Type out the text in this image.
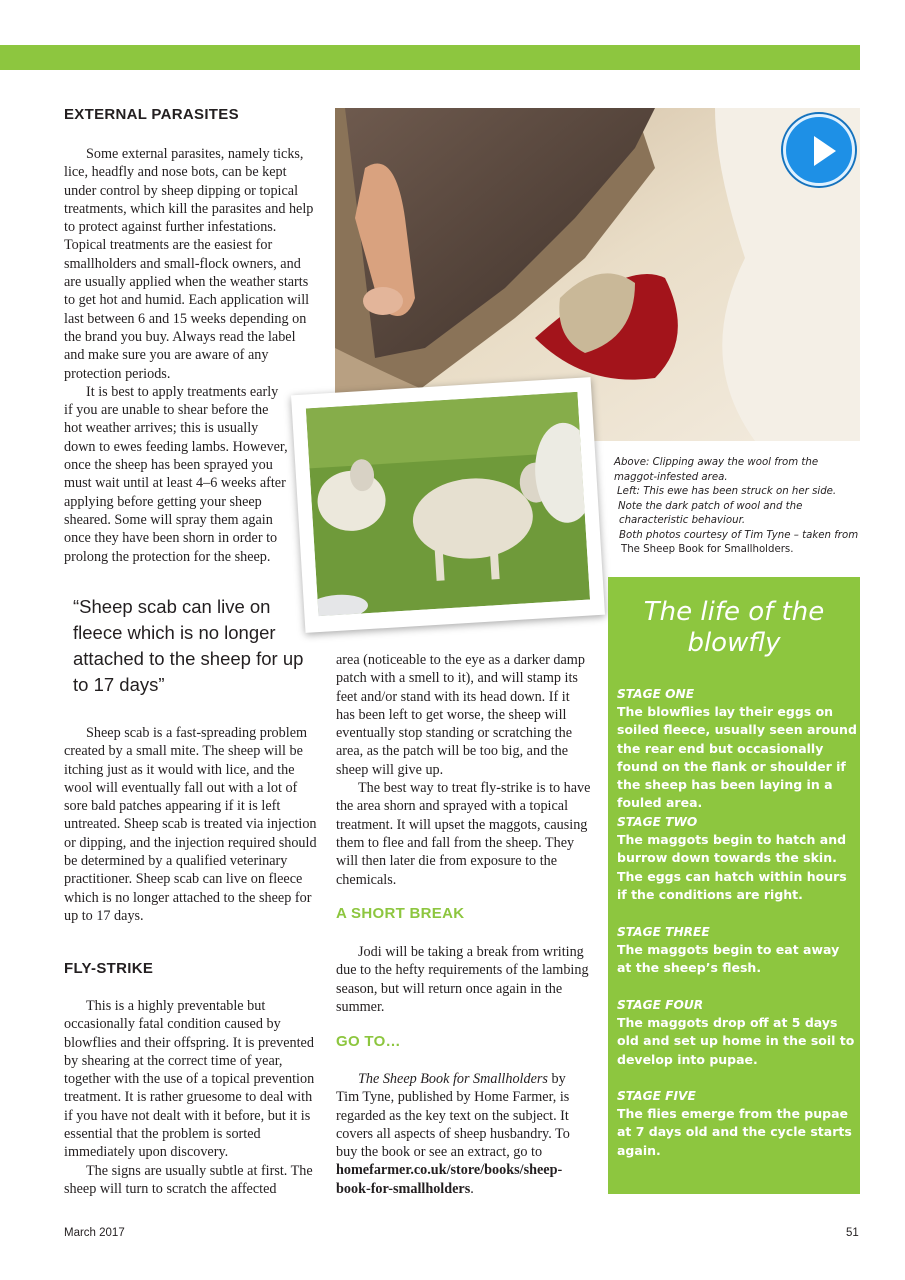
EXTERNAL PARASITES

Some external parasites, namely ticks, lice, headfly and nose bots, can be kept under control by sheep dipping or topical treatments, which kill the parasites and help to protect against further infestations. Topical treatments are the easiest for smallholders and small-flock owners, and are usually applied when the weather starts to get hot and humid. Each application will last between 6 and 15 weeks depending on the brand you buy. Always read the label and make sure you are aware of any protection periods.

It is best to apply treatments early if you are unable to shear before the hot weather arrives; this is usually down to ewes feeding lambs. However, once the sheep has been sprayed you must wait until at least 4–6 weeks after applying before getting your sheep sheared. Some will spray them again once they have been shorn in order to prolong the protection for the sheep.

“Sheep scab can live on fleece which is no longer attached to the sheep for up to 17 days”

Sheep scab is a fast-spreading problem created by a small mite. The sheep will be itching just as it would with lice, and the wool will eventually fall out with a lot of sore bald patches appearing if it is left untreated. Sheep scab is treated via injection or dipping, and the injection required should be determined by a qualified veterinary practitioner. Sheep scab can live on fleece which is no longer attached to the sheep for up to 17 days.

FLY-STRIKE

This is a highly preventable but occasionally fatal condition caused by blowflies and their offspring. It is prevented by shearing at the correct time of year, together with the use of a topical prevention treatment. It is rather gruesome to deal with if you have not dealt with it before, but it is essential that the problem is sorted immediately upon discovery.

The signs are usually subtle at first. The sheep will turn to scratch the affected

area (noticeable to the eye as a darker damp patch with a smell to it), and will stamp its feet and/or stand with its head down. If it has been left to get worse, the sheep will eventually stop standing or scratching the area, as the patch will be too big, and the sheep will give up.

The best way to treat fly-strike is to have the area shorn and sprayed with a topical treatment. It will upset the maggots, causing them to flee and fall from the sheep. They will then later die from exposure to the chemicals.

A SHORT BREAK

Jodi will be taking a break from writing due to the hefty requirements of the lambing season, but will return once again in the summer.

GO TO…

The Sheep Book for Smallholders by Tim Tyne, published by Home Farmer, is regarded as the key text on the subject. It covers all aspects of sheep husbandry. To buy the book or see an extract, go to homefarmer.co.uk/store/books/sheep-book-for-smallholders.

Above: Clipping away the wool from the
maggot-infested area.
Left: This ewe has been struck on her side.
Note the dark patch of wool and the
characteristic behaviour.
Both photos courtesy of Tim Tyne – taken from
The Sheep Book for Smallholders.
The life of the
blowfly
STAGE ONE
The blowflies lay their eggs on soiled fleece, usually seen around the rear end but occasionally found on the flank or shoulder if the sheep has been laying in a fouled area.
STAGE TWO
The maggots begin to hatch and burrow down towards the skin. The eggs can hatch within hours if the conditions are right.
STAGE THREE
The maggots begin to eat away at the sheep’s flesh.
STAGE FOUR
The maggots drop off at 5 days old and set up home in the soil to develop into pupae.
STAGE FIVE
The flies emerge from the pupae at 7 days old and the cycle starts again.
March 2017	51
